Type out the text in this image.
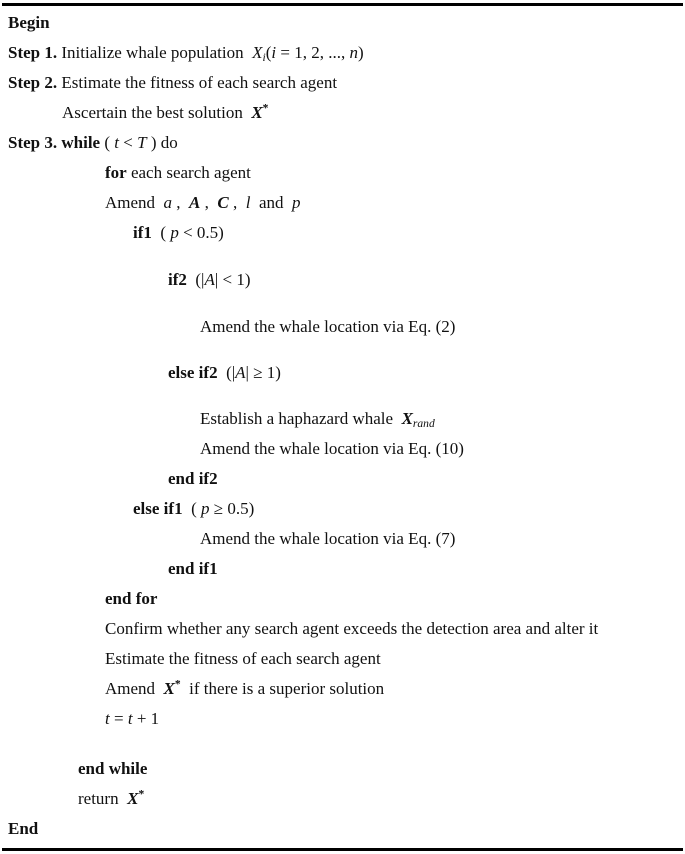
Begin
Step 1. Initialize whale population  $X_i(i = 1$, 2, ..., n)
Step 2. Estimate the fitness of each search agent
Ascertain the best solution  X*
Step 3. while ( t < T ) do
for each search agent
Amend  a ,  A ,  C ,  l  and  p
if1  ( p < 0.5)
if2  (|A| < 1)
Amend the whale location via Eq. (2)
else if2  (|A| ≥ 1)
Establish a haphazard whale  $X_{rand}$
Amend the whale location via Eq. (10)
end if2
else if1  ( p ≥ 0.5)
Amend the whale location via Eq. (7)
end if1
end for
Confirm whether any search agent exceeds the detection area and alter it
Estimate the fitness of each search agent
Amend  X*  if there is a superior solution
t = t + 1
end while
return  X*
End
